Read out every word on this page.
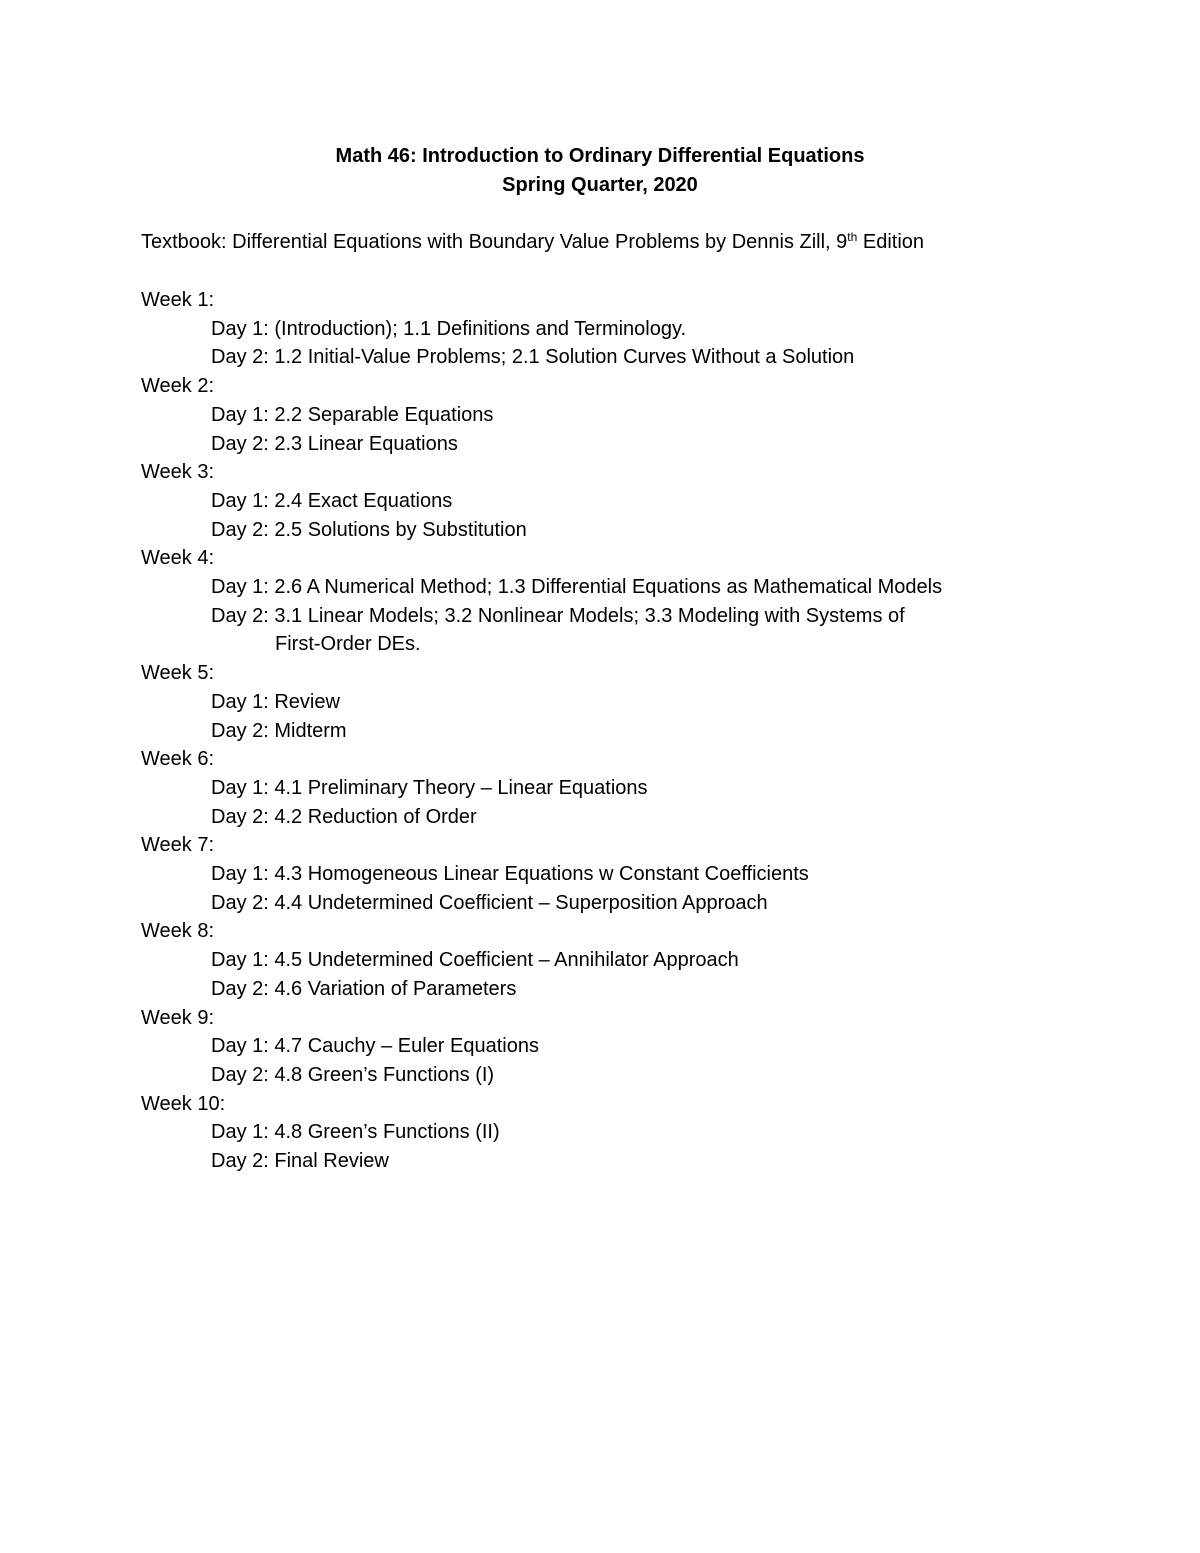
Math 46: Introduction to Ordinary Differential Equations
Spring Quarter, 2020
Textbook: Differential Equations with Boundary Value Problems by Dennis Zill, 9th Edition
Week 1:
Day 1: (Introduction); 1.1 Definitions and Terminology.
Day 2: 1.2 Initial-Value Problems; 2.1 Solution Curves Without a Solution
Week 2:
Day 1: 2.2 Separable Equations
Day 2: 2.3 Linear Equations
Week 3:
Day 1: 2.4 Exact Equations
Day 2: 2.5 Solutions by Substitution
Week 4:
Day 1: 2.6 A Numerical Method; 1.3 Differential Equations as Mathematical Models
Day 2: 3.1 Linear Models; 3.2 Nonlinear Models; 3.3 Modeling with Systems of First-Order DEs.
Week 5:
Day 1: Review
Day 2: Midterm
Week 6:
Day 1: 4.1 Preliminary Theory – Linear Equations
Day 2: 4.2 Reduction of Order
Week 7:
Day 1: 4.3 Homogeneous Linear Equations w Constant Coefficients
Day 2: 4.4 Undetermined Coefficient – Superposition Approach
Week 8:
Day 1: 4.5 Undetermined Coefficient – Annihilator Approach
Day 2: 4.6 Variation of Parameters
Week 9:
Day 1: 4.7 Cauchy – Euler Equations
Day 2: 4.8 Green’s Functions (I)
Week 10:
Day 1: 4.8 Green’s Functions (II)
Day 2: Final Review
